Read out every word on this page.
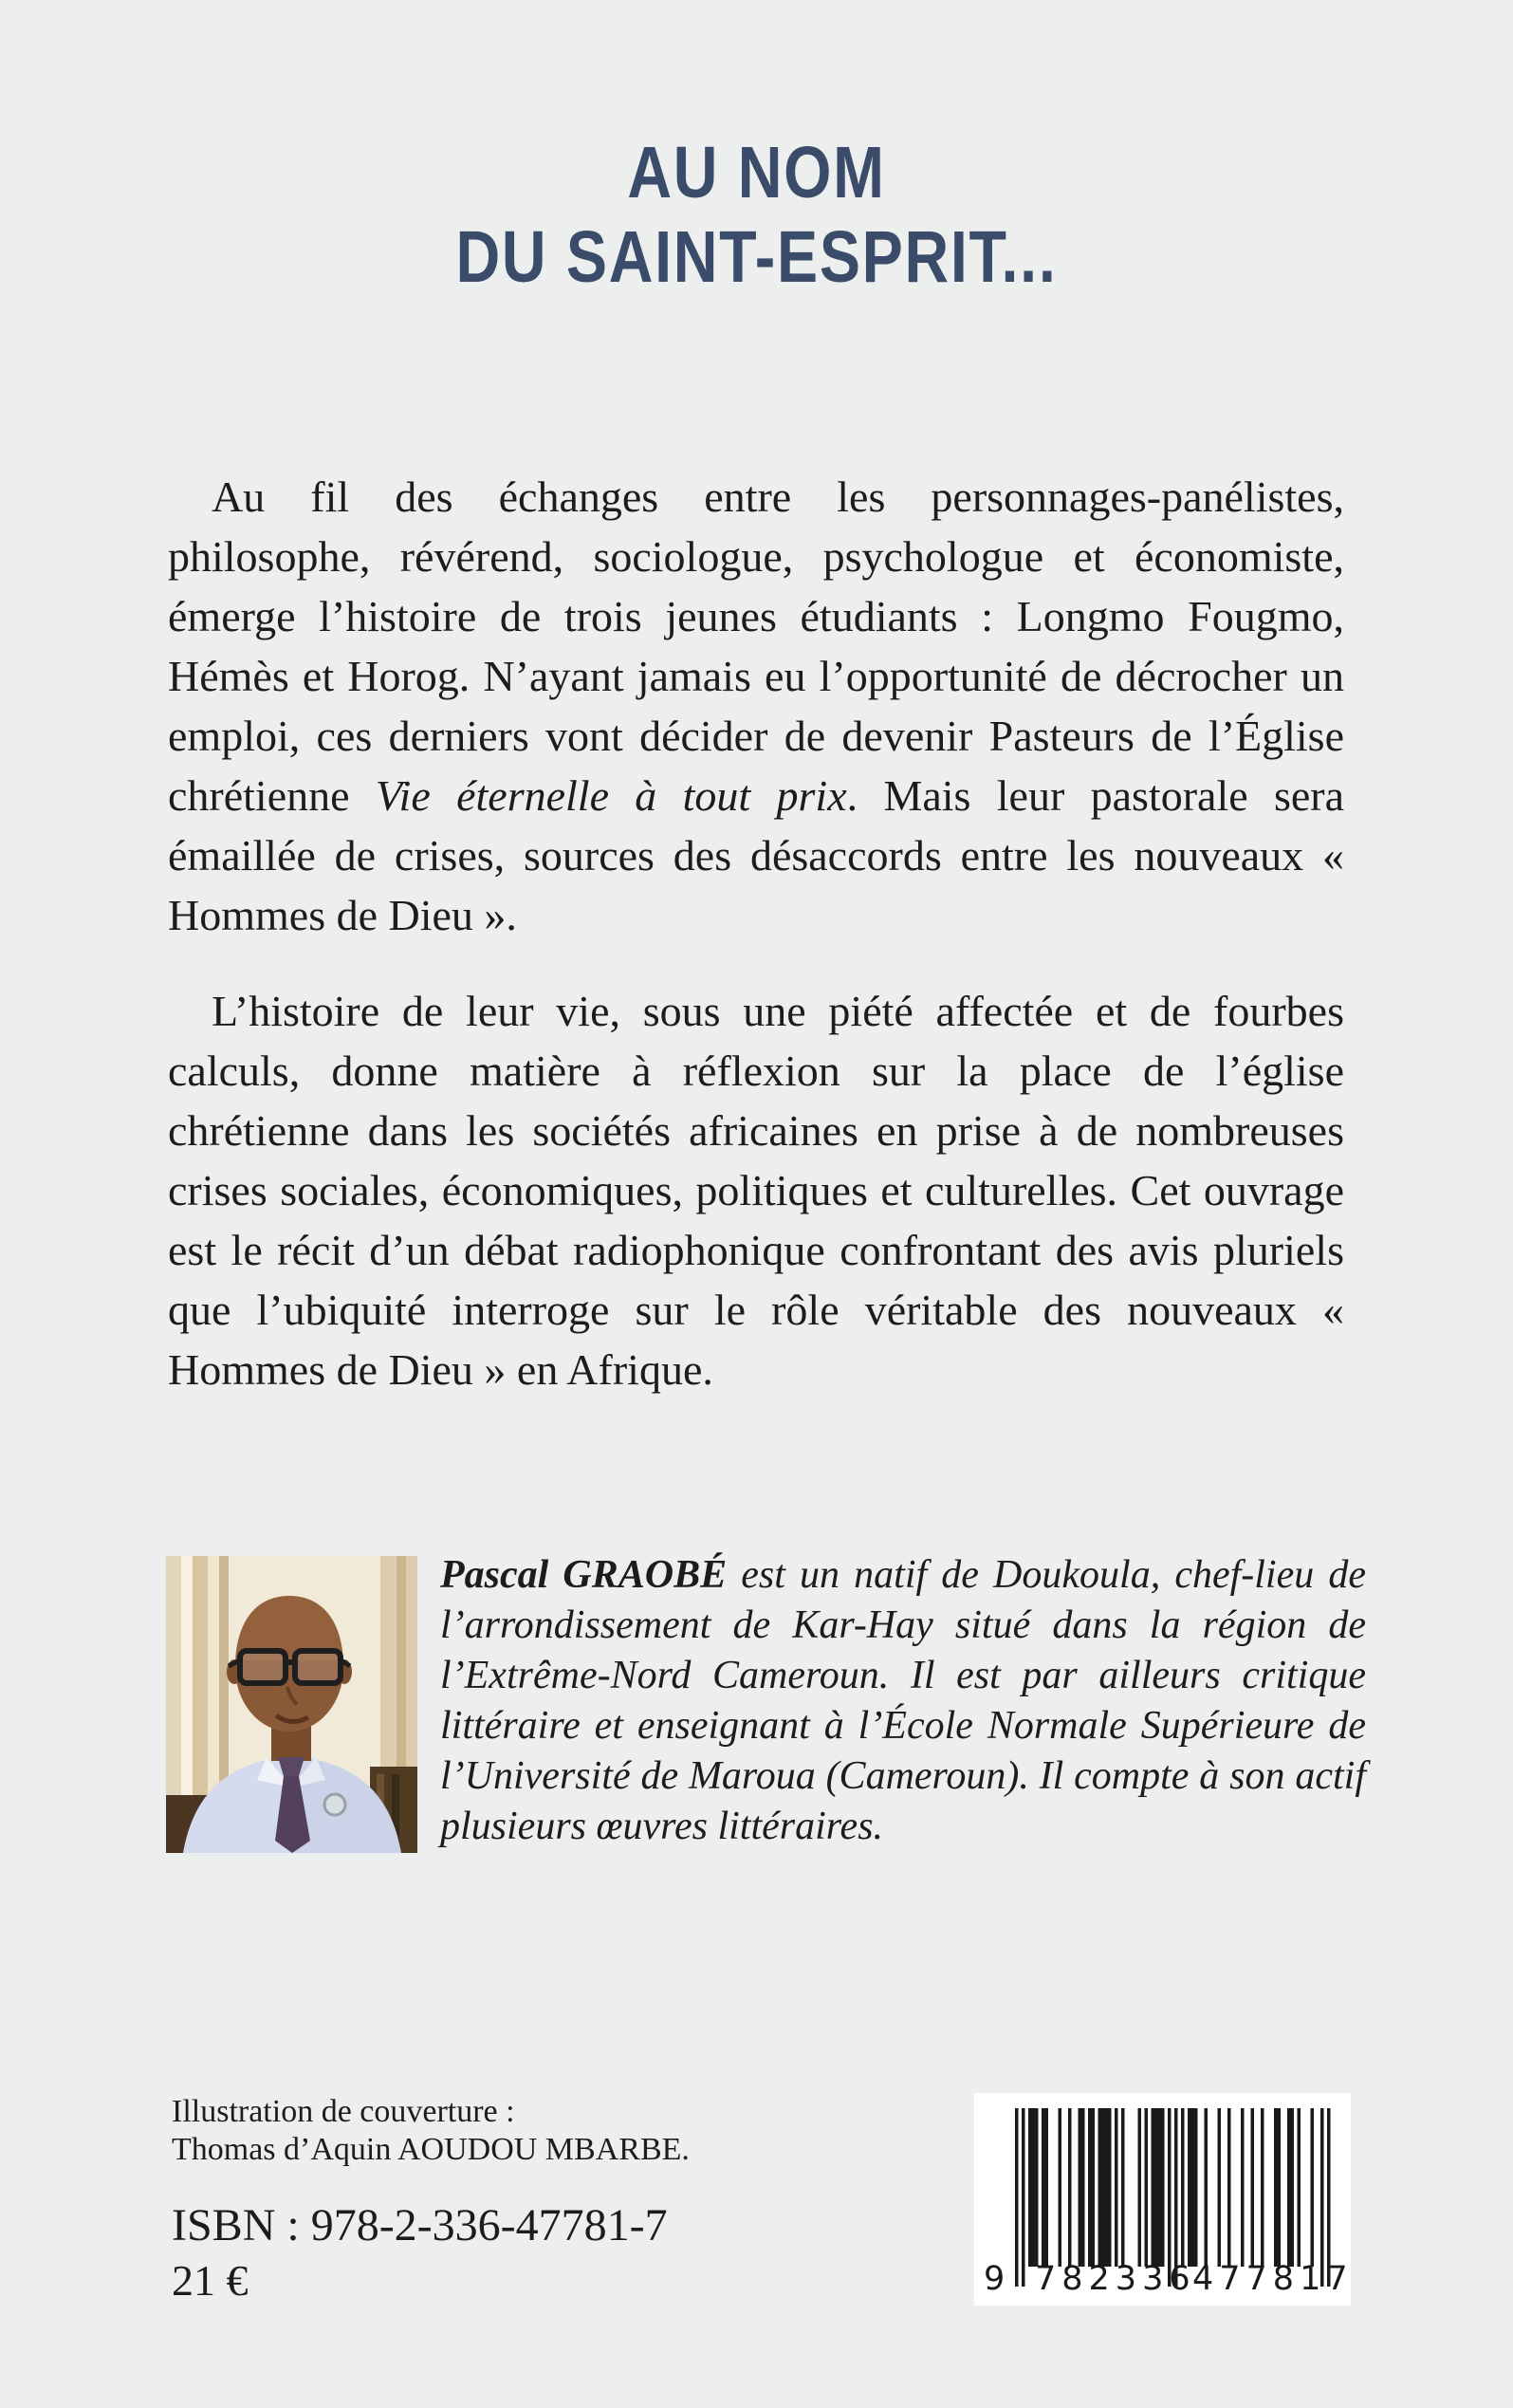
AU NOM
DU SAINT-ESPRIT...

Au fil des échanges entre les personnages-panélistes, philosophe, révérend, sociologue, psychologue et économiste, émerge l’histoire de trois jeunes étudiants : Longmo Fougmo, Hémès et Horog. N’ayant jamais eu l’opportunité de décrocher un emploi, ces derniers vont décider de devenir Pasteurs de l’Église chrétienne Vie éternelle à tout prix. Mais leur pastorale sera émaillée de crises, sources des désaccords entre les nouveaux « Hommes de Dieu ».

L’histoire de leur vie, sous une piété affectée et de fourbes calculs, donne matière à réflexion sur la place de l’église chrétienne dans les sociétés africaines en prise à de nombreuses crises sociales, économiques, politiques et culturelles. Cet ouvrage est le récit d’un débat radiophonique confrontant des avis pluriels que l’ubiquité interroge sur le rôle véritable des nouveaux « Hommes de Dieu » en Afrique.

Pascal GRAOBÉ est un natif de Doukoula, chef-lieu de l’arrondissement de Kar-Hay situé dans la région de l’Extrême-Nord Cameroun. Il est par ailleurs critique littéraire et enseignant à l’École Normale Supérieure de l’Université de Maroua (Cameroun). Il compte à son actif plusieurs œuvres littéraires.

Illustration de couverture :
Thomas d’Aquin AOUDOU MBARBE.
ISBN : 978-2-336-47781-7
21 €	9 782336
477817
